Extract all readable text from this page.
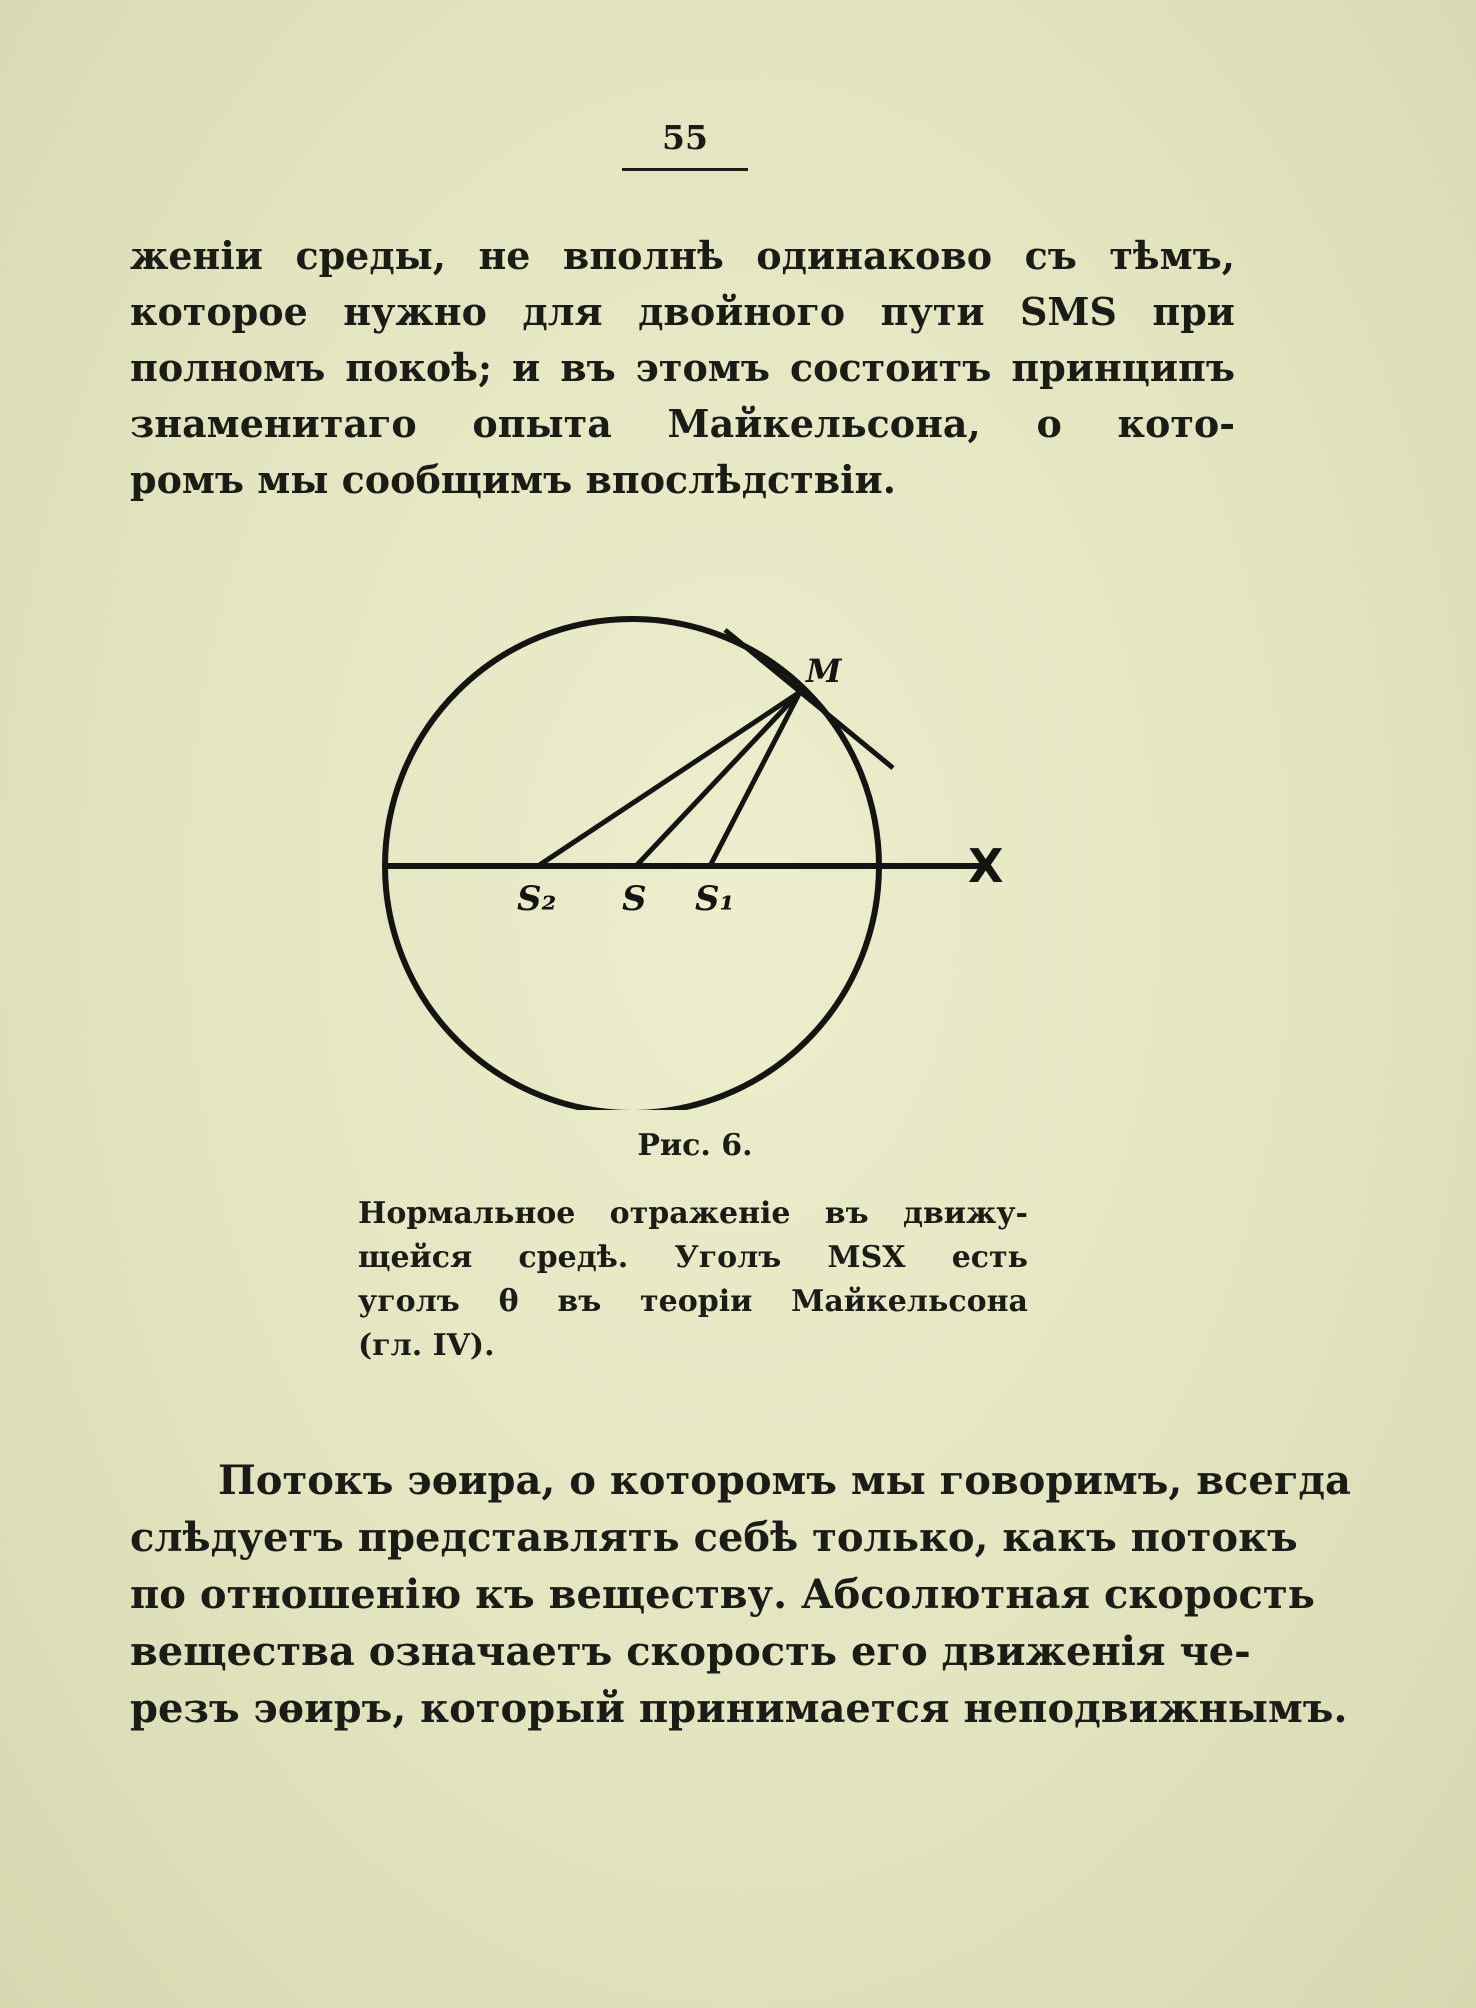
55
женіи среды, не вполнѣ одинаково съ тѣмъ,
которое нужно для двойного пути SMS при
полномъ покоѣ; и въ этомъ состоитъ принципъ
знаменитаго опыта Майкельсона, о кото-
ромъ мы сообщимъ впослѣдствіи.
M
S₂ S S₁
X
Рис. 6.
Нормальное отраженіе въ движу-
щейся средѣ. Уголъ MSX есть
уголъ θ въ теоріи Майкельсона
(гл. IV).
Потокъ эѳира, о которомъ мы говоримъ, всегда
слѣдуетъ представлять себѣ только, какъ потокъ
по отношенію къ веществу. Абсолютная скорость
вещества означаетъ скорость его движенія че-
резъ эѳиръ, который принимается неподвижнымъ.
